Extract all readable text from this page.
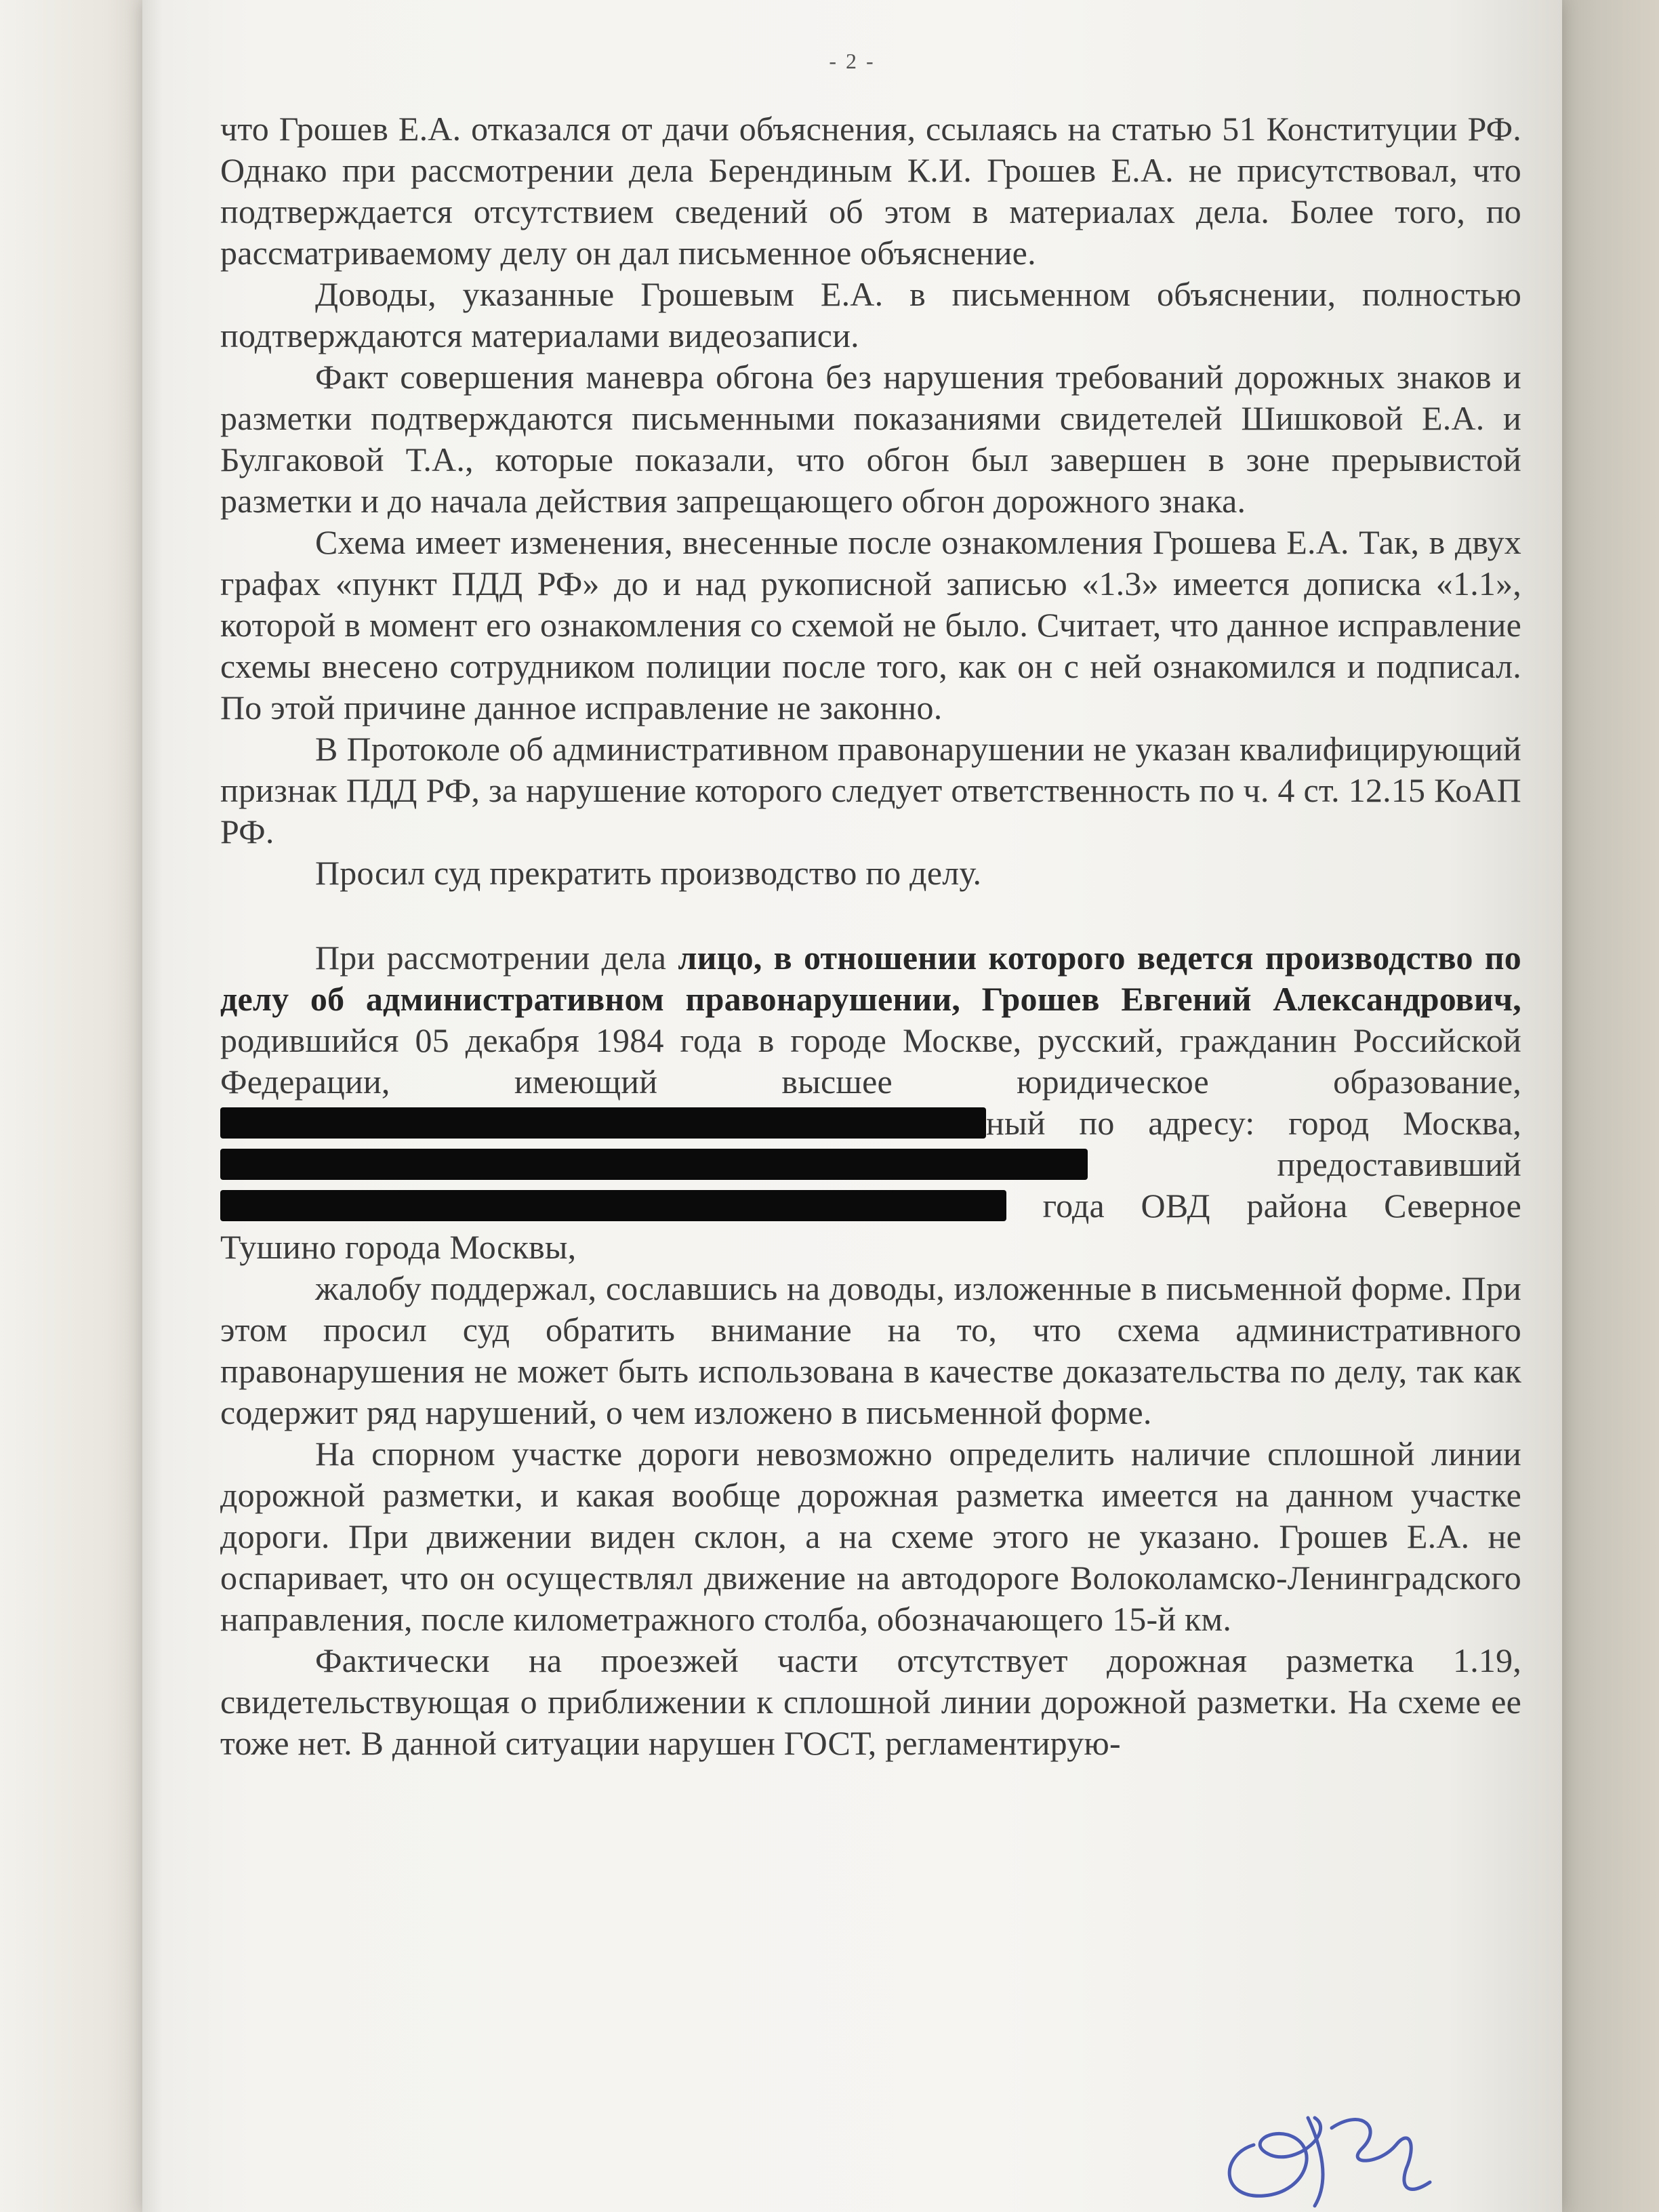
- 2 -

что Грошев Е.А. отказался от дачи объяснения, ссылаясь на статью 51 Конституции РФ. Однако при рассмотрении дела Берендиным К.И. Грошев Е.А. не присутствовал, что подтверждается отсутствием сведений об этом в материалах дела. Более того, по рассматриваемому делу он дал письменное объяснение.

Доводы, указанные Грошевым Е.А. в письменном объяснении, полностью подтверждаются материалами видеозаписи.

Факт совершения маневра обгона без нарушения требований дорожных знаков и разметки подтверждаются письменными показаниями свидетелей Шишковой Е.А. и Булгаковой Т.А., которые показали, что обгон был завершен в зоне прерывистой разметки и до начала действия запрещающего обгон дорожного знака.

Схема имеет изменения, внесенные после ознакомления Грошева Е.А. Так, в двух графах «пункт ПДД РФ» до и над рукописной записью «1.3» имеется дописка «1.1», которой в момент его ознакомления со схемой не было. Считает, что данное исправление схемы внесено сотрудником полиции после того, как он с ней ознакомился и подписал. По этой причине данное исправление не законно.

В Протоколе об административном правонарушении не указан квалифицирующий признак ПДД РФ, за нарушение которого следует ответственность по ч. 4 ст. 12.15 КоАП РФ.

Просил суд прекратить производство по делу.

При рассмотрении дела лицо, в отношении которого ведется производство по делу об административном правонарушении, Грошев Евгений Александрович, родившийся 05 декабря 1984 года в городе Москве, русский, гражданин Российской Федерации, имеющий высшее юридическое образование, ный по адресу: город Москва,  предоставивший  года ОВД района Северное Тушино города Москвы,

жалобу поддержал, сославшись на доводы, изложенные в письменной форме. При этом просил суд обратить внимание на то, что схема административного правонарушения не может быть использована в качестве доказательства по делу, так как содержит ряд нарушений, о чем изложено в письменной форме.

На спорном участке дороги невозможно определить наличие сплошной линии дорожной разметки, и какая вообще дорожная разметка имеется на данном участке дороги. При движении виден склон, а на схеме этого не указано. Грошев Е.А. не оспаривает, что он осуществлял движение на автодороге Волоколамско-Ленинградского направления, после километражного столба, обозначающего 15-й км.

Фактически на проезжей части отсутствует дорожная разметка 1.19, свидетельствующая о приближении к сплошной линии дорожной разметки. На схеме ее тоже нет. В данной ситуации нарушен ГОСТ, регламентирую-
